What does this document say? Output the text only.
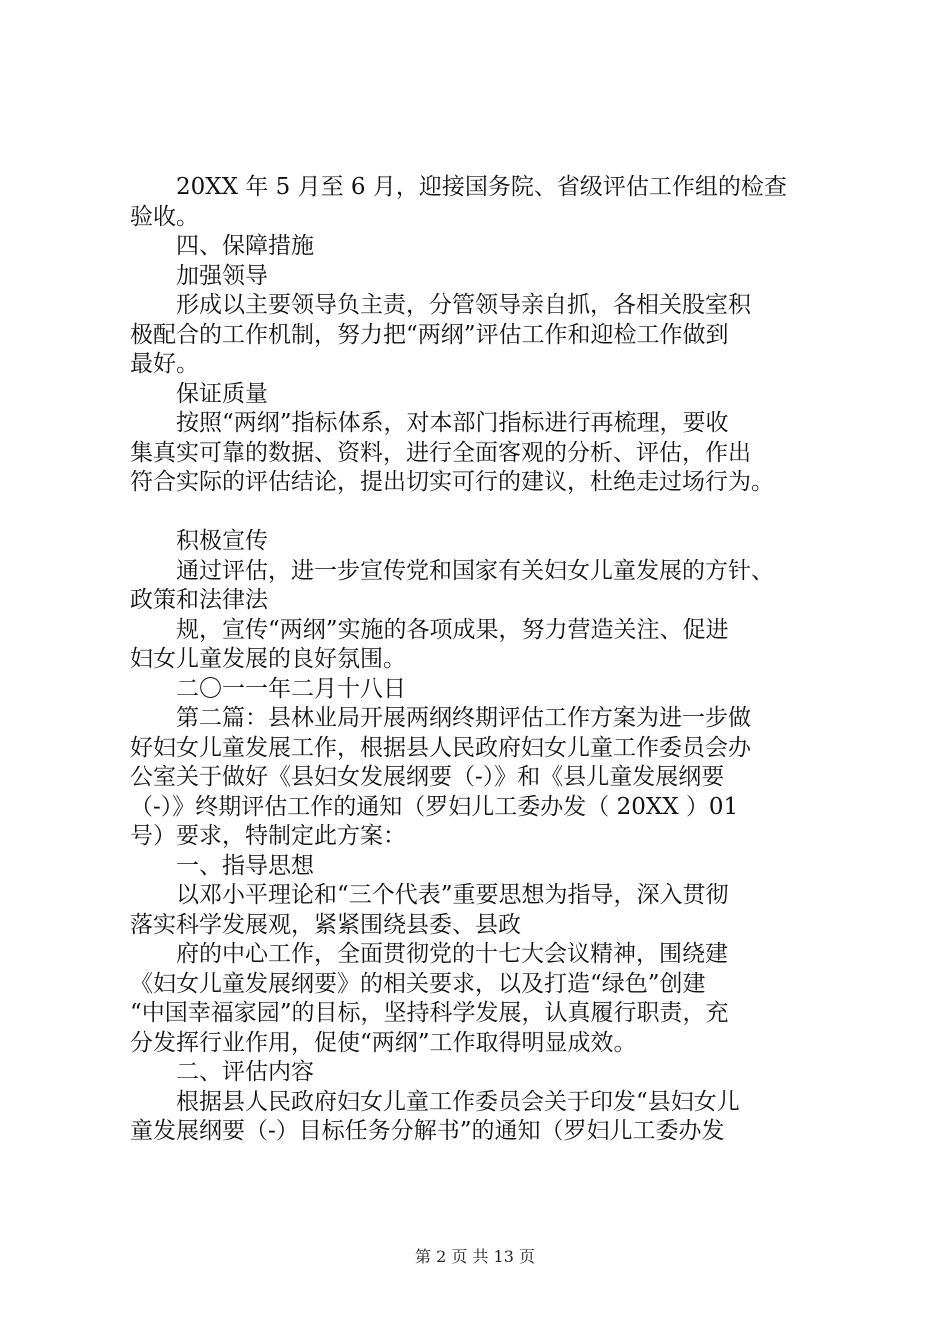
20XX 年 5 月至 6 月，迎接国务院、省级评估工作组的检查
验收。
四、保障措施
加强领导
形成以主要领导负主责，分管领导亲自抓，各相关股室积
极配合的工作机制，努力把“两纲”评估工作和迎检工作做到
最好。
保证质量
按照“两纲”指标体系，对本部门指标进行再梳理，要收
集真实可靠的数据、资料，进行全面客观的分析、评估，作出
符合实际的评估结论，提出切实可行的建议，杜绝走过场行为。
积极宣传
通过评估，进一步宣传党和国家有关妇女儿童发展的方针、
政策和法律法
规，宣传“两纲”实施的各项成果，努力营造关注、促进
妇女儿童发展的良好氛围。
二〇一一年二月十八日
第二篇：县林业局开展两纲终期评估工作方案为进一步做
好妇女儿童发展工作，根据县人民政府妇女儿童工作委员会办
公室关于做好《县妇女发展纲要（-）》和《县儿童发展纲要
（-）》终期评估工作的通知（罗妇儿工委办发（ 20XX ）01
号）要求，特制定此方案：
一、指导思想
以邓小平理论和“三个代表”重要思想为指导，深入贯彻
落实科学发展观，紧紧围绕县委、县政
府的中心工作，全面贯彻党的十七大会议精神，围绕建
《妇女儿童发展纲要》的相关要求，以及打造“绿色”创建
“中国幸福家园”的目标，坚持科学发展，认真履行职责，充
分发挥行业作用，促使“两纲”工作取得明显成效。
二、评估内容
根据县人民政府妇女儿童工作委员会关于印发“县妇女儿
童发展纲要（-）目标任务分解书”的通知（罗妇儿工委办发
第 2 页 共 13 页
